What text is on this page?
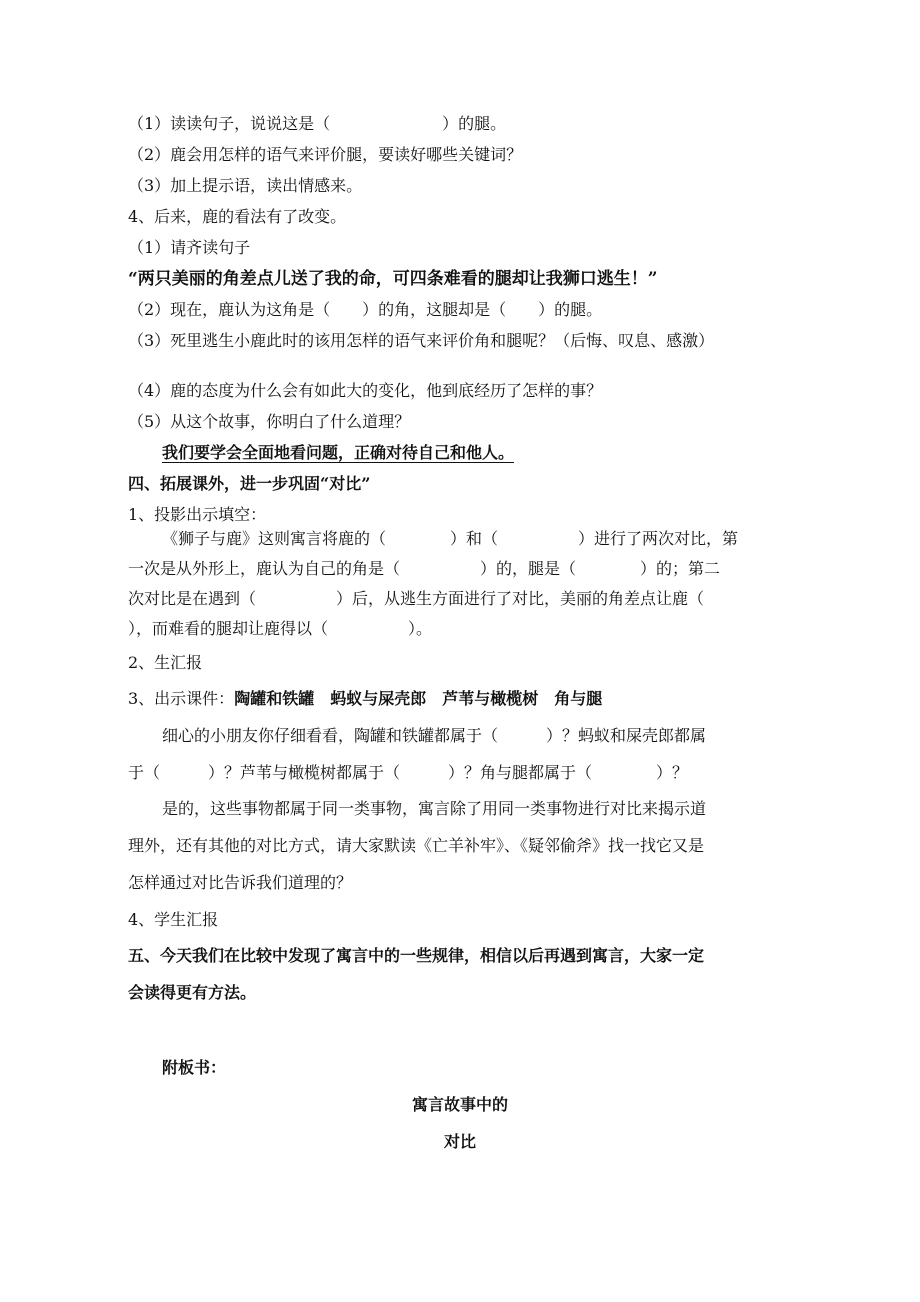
（1）读读句子，说说这是（　　　　　　　）的腿。
（2）鹿会用怎样的语气来评价腿，要读好哪些关键词？
（3）加上提示语，读出情感来。
4、后来，鹿的看法有了改变。
（1）请齐读句子
“两只美丽的角差点儿送了我的命，可四条难看的腿却让我狮口逃生！”
（2）现在，鹿认为这角是（　　）的角，这腿却是（　　）的腿。
（3）死里逃生小鹿此时的该用怎样的语气来评价角和腿呢？（后悔、叹息、感激）
（4）鹿的态度为什么会有如此大的变化，他到底经历了怎样的事？
（5）从这个故事，你明白了什么道理？
我们要学会全面地看问题，正确对待自己和他人。
四、拓展课外，进一步巩固“对比”
1、投影出示填空：
《狮子与鹿》这则寓言将鹿的（　　　　）和（　　　　　）进行了两次对比，第
一次是从外形上，鹿认为自己的角是（　　　　　）的，腿是（　　　　）的；第二
次对比是在遇到（　　　　　）后，从逃生方面进行了对比，美丽的角差点让鹿（
），而难看的腿却让鹿得以（　　　　　）。
2、生汇报
3、出示课件：陶罐和铁罐　蚂蚁与屎壳郎　芦苇与橄榄树　角与腿
细心的小朋友你仔细看看，陶罐和铁罐都属于（　　　）？蚂蚁和屎壳郎都属
于（　　　）？芦苇与橄榄树都属于（　　　）？角与腿都属于（　　　　）？
是的，这些事物都属于同一类事物，寓言除了用同一类事物进行对比来揭示道
理外，还有其他的对比方式，请大家默读《亡羊补牢》、《疑邻偷斧》找一找它又是
怎样通过对比告诉我们道理的？
4、学生汇报
五、今天我们在比较中发现了寓言中的一些规律，相信以后再遇到寓言，大家一定
会读得更有方法。
附板书：
寓言故事中的
对比
